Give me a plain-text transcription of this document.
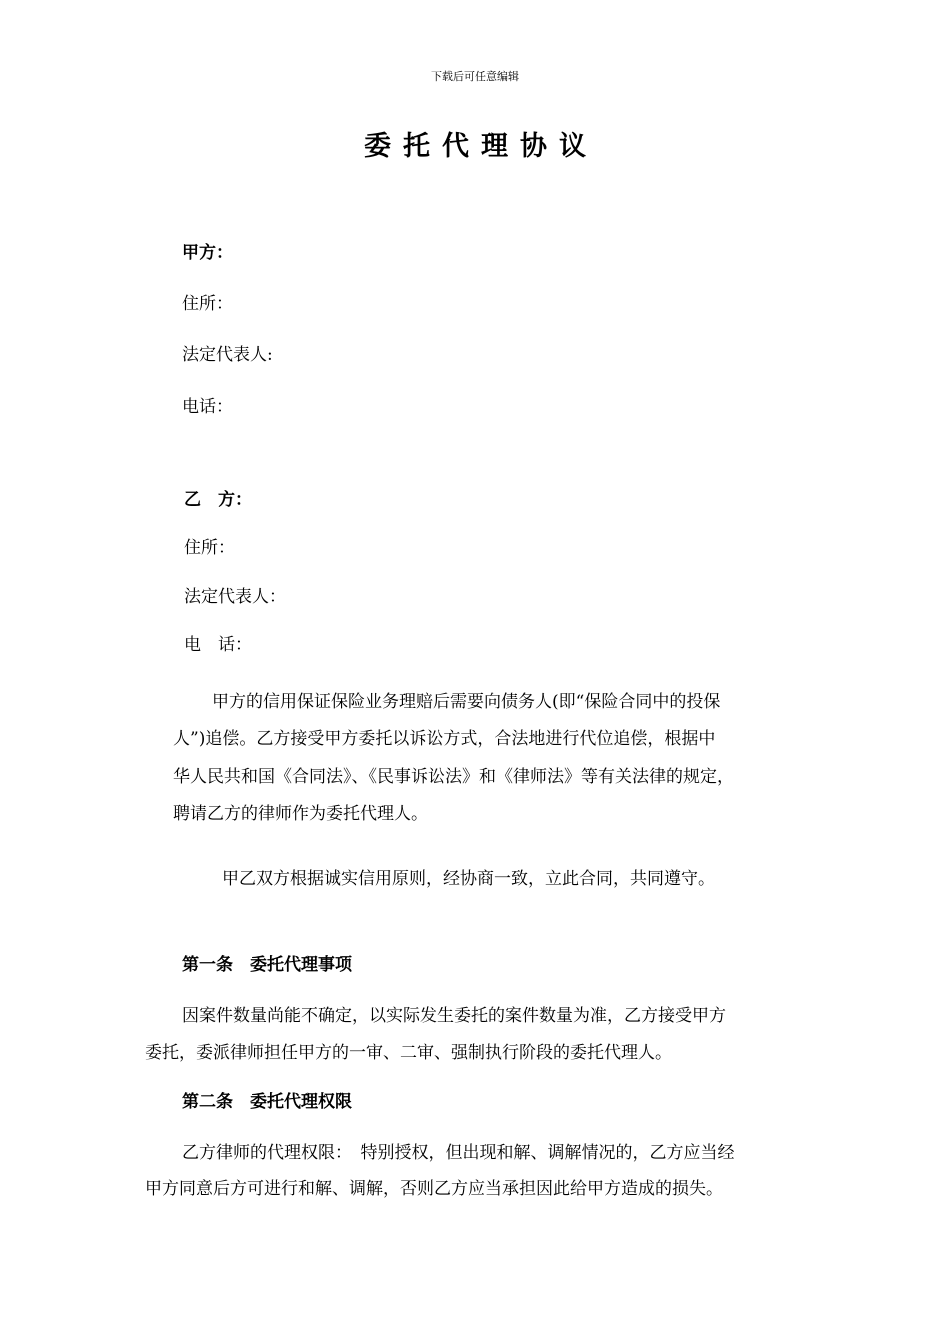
下载后可任意编辑
委托代理协议
甲方：
住所：
法定代表人:
电话：
乙　方：
住所：
法定代表人：
电　话：
甲方的信用保证保险业务理赔后需要向债务人(即“保险合同中的投保
人”)追偿。乙方接受甲方委托以诉讼方式，合法地进行代位追偿，根据中
华人民共和国《合同法》、《民事诉讼法》和《律师法》等有关法律的规定，
聘请乙方的律师作为委托代理人。
甲乙双方根据诚实信用原则，经协商一致，立此合同，共同遵守。
第一条　委托代理事项
因案件数量尚能不确定，以实际发生委托的案件数量为准，乙方接受甲方
委托，委派律师担任甲方的一审、二审、强制执行阶段的委托代理人。
第二条　委托代理权限
乙方律师的代理权限：　特别授权，但出现和解、调解情况的，乙方应当经
甲方同意后方可进行和解、调解，否则乙方应当承担因此给甲方造成的损失。
